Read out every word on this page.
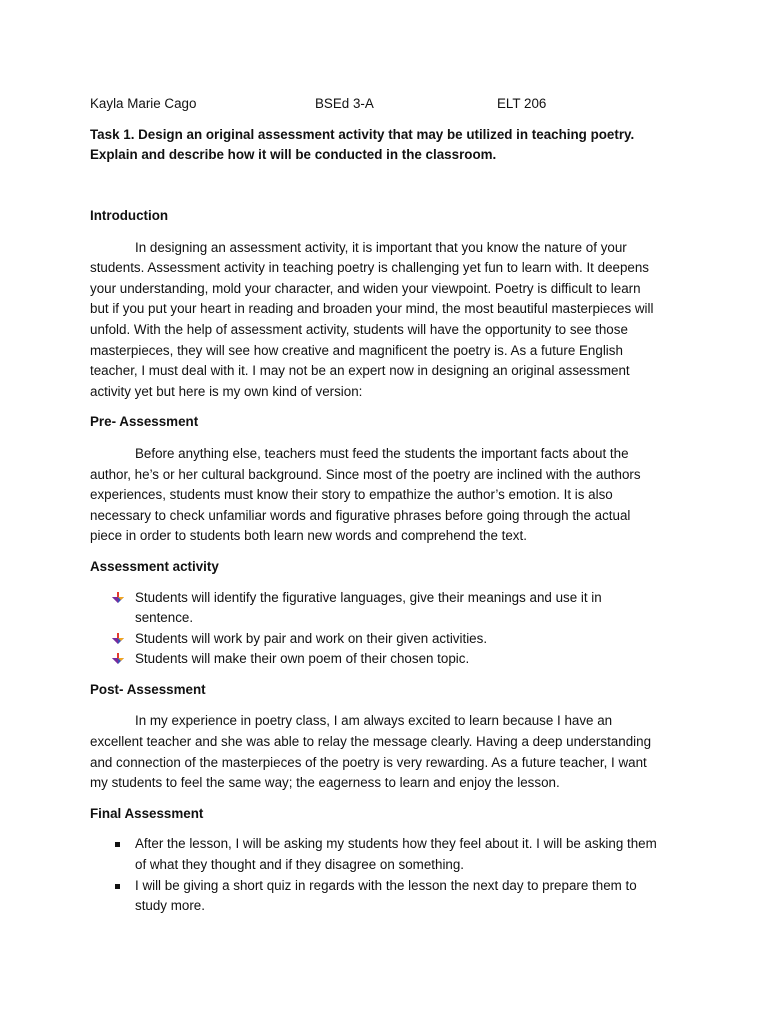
Kayla Marie Cago	BSEd 3-A	ELT 206
Task 1. Design an original assessment activity that may be utilized in teaching poetry. Explain and describe how it will be conducted in the classroom.

Introduction

In designing an assessment activity, it is important that you know the nature of your students. Assessment activity in teaching poetry is challenging yet fun to learn with. It deepens your understanding, mold your character, and widen your viewpoint. Poetry is difficult to learn but if you put your heart in reading and broaden your mind, the most beautiful masterpieces will unfold. With the help of assessment activity, students will have the opportunity to see those masterpieces, they will see how creative and magnificent the poetry is. As a future English teacher, I must deal with it. I may not be an expert now in designing an original assessment activity yet but here is my own kind of version:

Pre- Assessment

Before anything else, teachers must feed the students the important facts about the author, he’s or her cultural background. Since most of the poetry are inclined with the authors experiences, students must know their story to empathize the author’s emotion. It is also necessary to check unfamiliar words and figurative phrases before going through the actual piece in order to students both learn new words and comprehend the text.

Assessment activity

Students will identify the figurative languages, give their meanings and use it in sentence.
Students will work by pair and work on their given activities.
Students will make their own poem of their chosen topic.

Post- Assessment

In my experience in poetry class, I am always excited to learn because I have an excellent teacher and she was able to relay the message clearly. Having a deep understanding and connection of the masterpieces of the poetry is very rewarding. As a future teacher, I want my students to feel the same way; the eagerness to learn and enjoy the lesson.

Final Assessment

After the lesson, I will be asking my students how they feel about it. I will be asking them of what they thought and if they disagree on something.
I will be giving a short quiz in regards with the lesson the next day to prepare them to study more.
